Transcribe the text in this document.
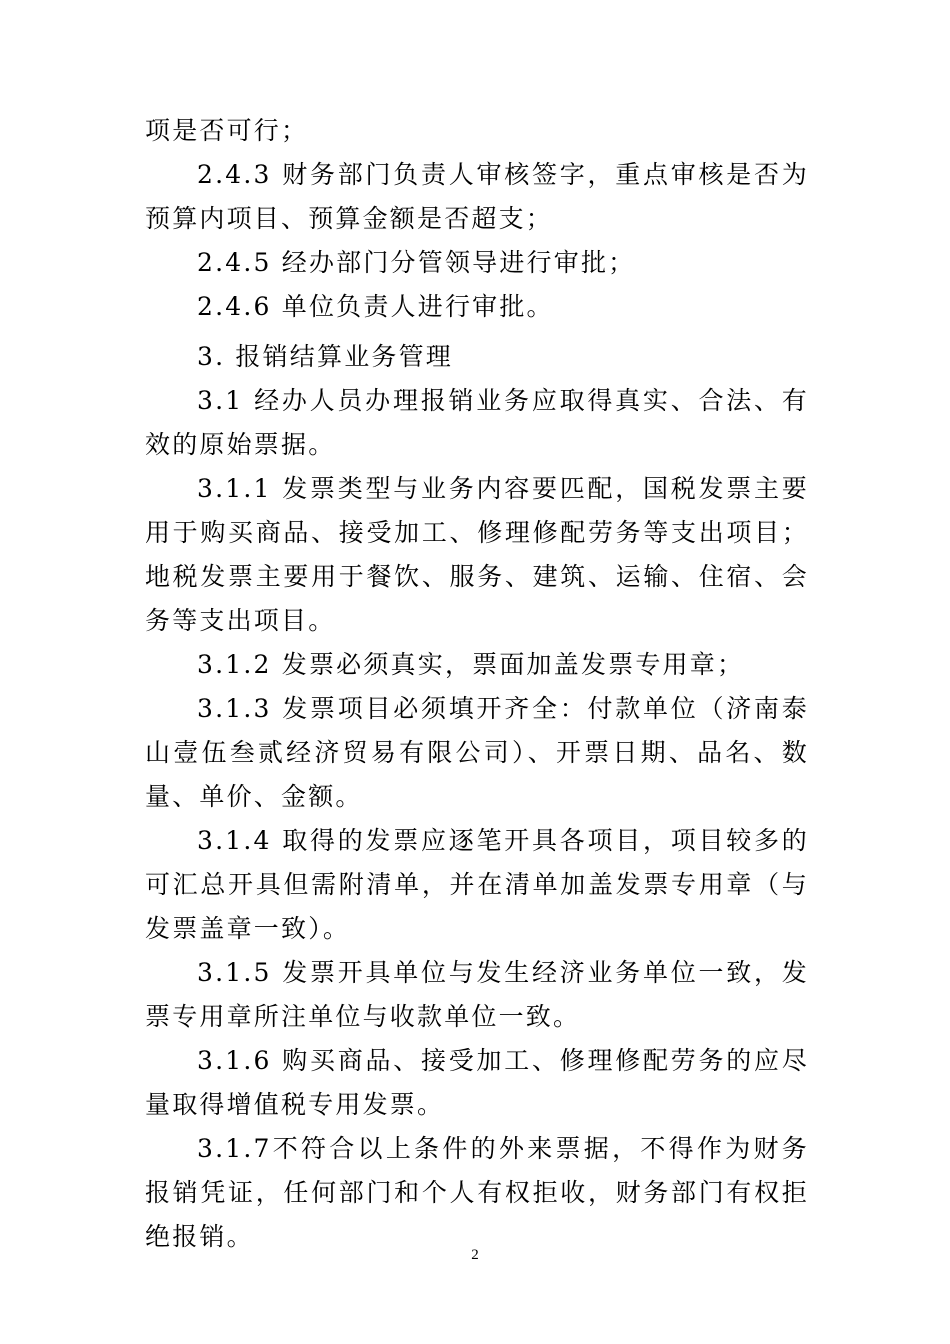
项是否可行；

2.4.3 财务部门负责人审核签字，重点审核是否为预算内项目、预算金额是否超支；

2.4.5 经办部门分管领导进行审批；

2.4.6 单位负责人进行审批。

3. 报销结算业务管理

3.1 经办人员办理报销业务应取得真实、合法、有效的原始票据。

3.1.1 发票类型与业务内容要匹配，国税发票主要用于购买商品、接受加工、修理修配劳务等支出项目；地税发票主要用于餐饮、服务、建筑、运输、住宿、会务等支出项目。

3.1.2 发票必须真实，票面加盖发票专用章；

3.1.3 发票项目必须填开齐全：付款单位（济南泰山壹伍叁贰经济贸易有限公司）、开票日期、品名、数量、单价、金额。

3.1.4 取得的发票应逐笔开具各项目，项目较多的可汇总开具但需附清单，并在清单加盖发票专用章（与发票盖章一致）。

3.1.5 发票开具单位与发生经济业务单位一致，发票专用章所注单位与收款单位一致。

3.1.6 购买商品、接受加工、修理修配劳务的应尽量取得增值税专用发票。

3.1.7不符合以上条件的外来票据，不得作为财务报销凭证，任何部门和个人有权拒收，财务部门有权拒绝报销。

2
